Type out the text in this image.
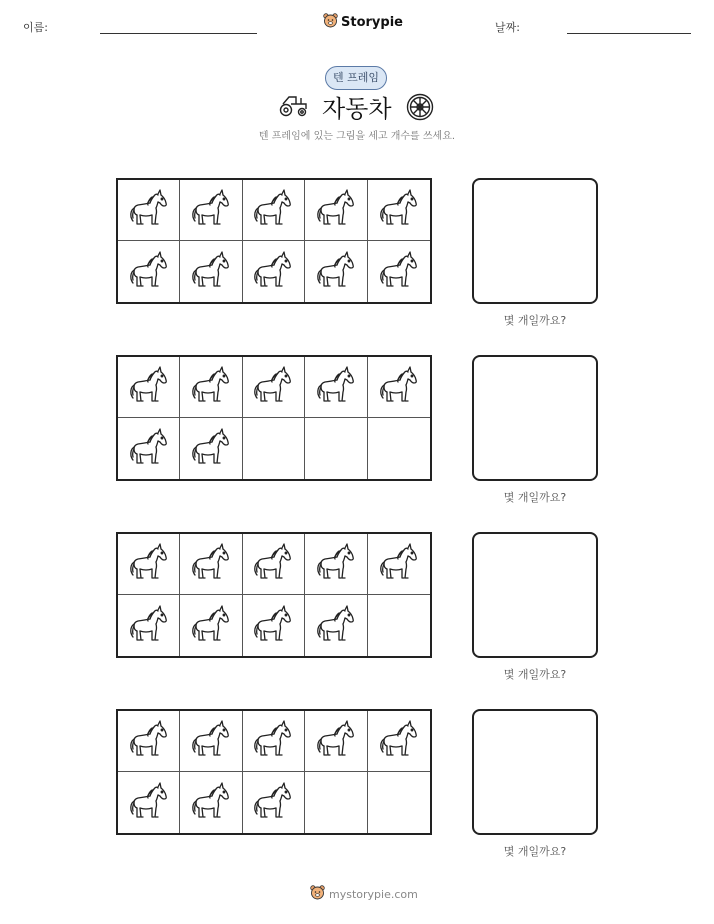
이름:	Storypie	날짜:
텐 프레임
자동차
텐 프레임에 있는 그림을 세고 개수를 쓰세요.
몇 개일까요?
몇 개일까요?
몇 개일까요?
몇 개일까요?
mystorypie.com
